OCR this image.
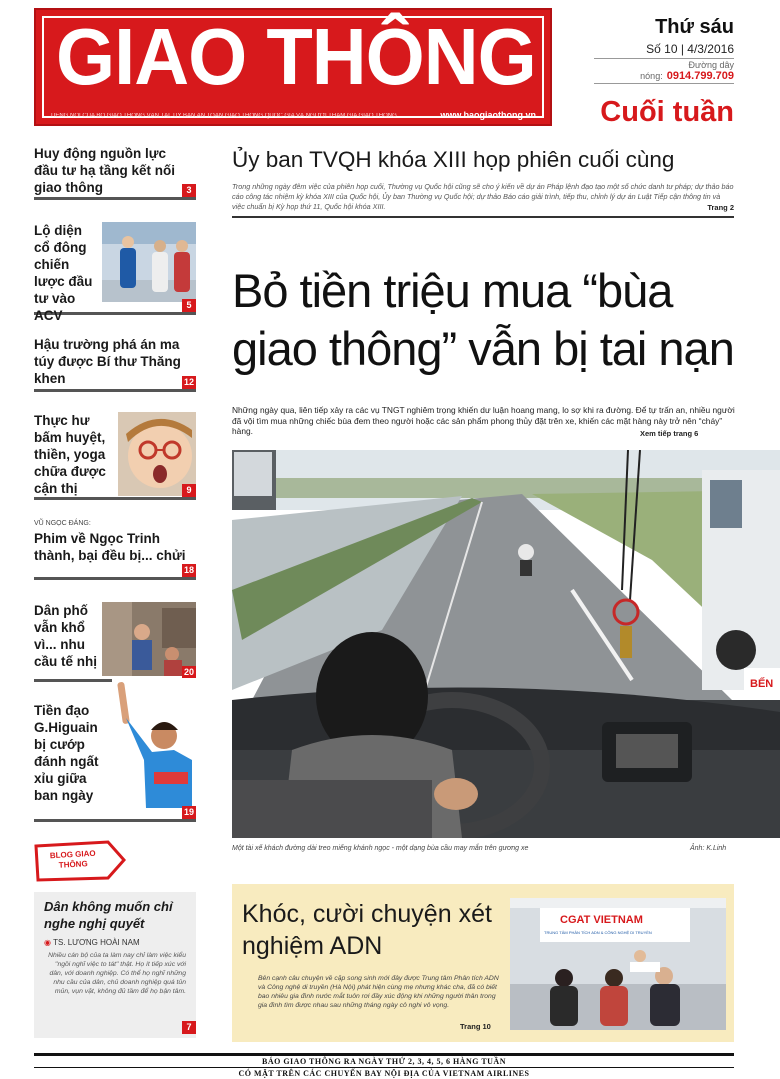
GIAO THÔNG
TIẾNG NÓI CỦA BỘ GIAO THÔNG VẬN TẢI, ỦY BAN AN TOÀN GIAO THÔNG QUỐC GIA VÀ NGƯỜI THAM GIA GIAO THÔNG	www.baogiaothong.vn
Thứ sáu
Số 10 | 4/3/2016
Đường dây nóng: 0914.799.709
Cuối tuần
Huy động nguồn lực đầu tư hạ tầng kết nối giao thông	3
Lộ diện cổ đông chiến lược đầu tư vào ACV
5
Hậu trường phá án ma túy được Bí thư Thăng khen	12
Thực hư bấm huyệt, thiền, yoga chữa được cận thị	9
VŨ NGỌC ĐÁNG:
Phim về Ngọc Trinh thành, bại đều bị... chửi
18
Dân phố vẫn khổ vì... nhu cầu tế nhị
20
Tiền đạo G.Higuain bị cướp đánh ngất xỉu giữa ban ngày
19
BLOG GIAO THÔNG
Dân không muốn chỉ nghe nghị quyết
◉ TS. LƯƠNG HOÀI NAM
Nhiều cán bộ của ta làm nay chỉ làm việc kiểu "ngồi nghĩ việc to tát" thật. Họ ít tiếp xúc với dân, với doanh nghiệp. Có thể họ nghĩ những nhu cầu của dân, chủ doanh nghiệp quá tủn mủn, vụn vặt, không đủ tầm để họ bận tâm.
7
Ủy ban TVQH khóa XIII họp phiên cuối cùng
Trong những ngày đêm việc của phiên họp cuối, Thường vụ Quốc hội cũng sẽ cho ý kiến về dự án Pháp lệnh đạo tạo một số chức danh tư pháp; dự thảo báo cáo công tác nhiệm kỳ khóa XIII của Quốc hội, Ủy ban Thường vụ Quốc hội; dự thảo Báo cáo giải trình, tiếp thu, chỉnh lý dự án Luật Tiếp cận thông tin và việc chuẩn bị Kỳ họp thứ 11, Quốc hội khóa XIII.	Trang 2
Bỏ tiền triệu mua “bùa giao thông” vẫn bị tai nạn
Những ngày qua, liên tiếp xảy ra các vụ TNGT nghiêm trọng khiến dư luận hoang mang, lo sợ khi ra đường. Để tự trấn an, nhiều người đã vội tìm mua những chiếc bùa đem theo người hoặc các sản phẩm phong thủy đặt trên xe, khiến các mặt hàng này trở nên “cháy” hàng.	Xem tiếp trang 6
BẾN
Một tài xế khách đường dài treo miếng khánh ngọc - một dạng bùa cầu may mắn trên gương xe	Ảnh: K.Linh
Khóc, cười chuyện xét nghiệm ADN
Bên cạnh câu chuyện về cặp song sinh mới đây được Trung tâm Phân tích ADN và Công nghệ di truyền (Hà Nội) phát hiện cùng mẹ nhưng khác cha, đã có biết bao nhiêu gia đình nước mắt tuôn rơi đầy xúc động khi những người thân trong gia đình tìm được nhau sau những tháng ngày cô nghi vô vọng.
Trang 10
CGAT VIETNAM
TRUNG TÂM PHÂN TÍCH ADN & CÔNG NGHỆ DI TRUYỀN
BÁO GIAO THÔNG RA NGÀY THỨ 2, 3, 4, 5, 6 HÀNG TUẦN
CÓ MẶT TRÊN CÁC CHUYẾN BAY NỘI ĐỊA CỦA VIETNAM AIRLINES
